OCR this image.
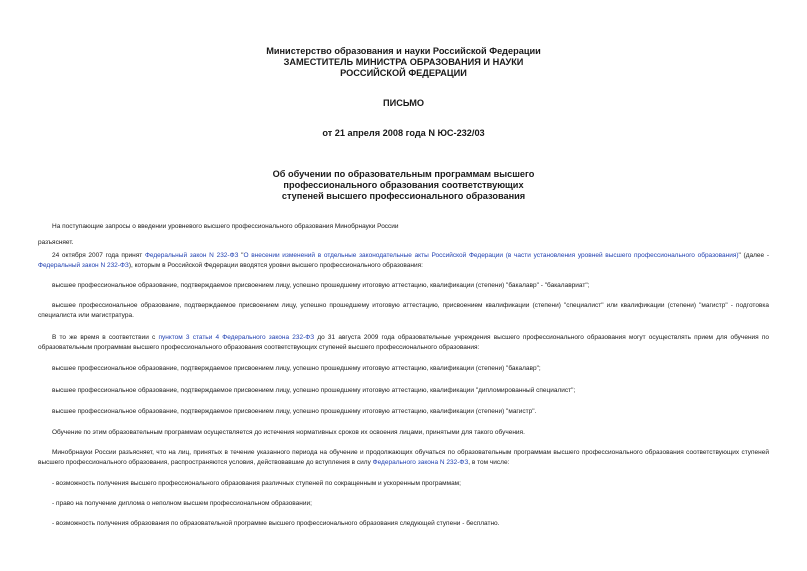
Министерство образования и науки Российской Федерации
ЗАМЕСТИТЕЛЬ МИНИСТРА ОБРАЗОВАНИЯ И НАУКИ
РОССИЙСКОЙ ФЕДЕРАЦИИ
ПИСЬМО
от 21 апреля 2008 года N ЮС-232/03
Об обучении по образовательным программам высшего
профессионального образования соответствующих
ступеней высшего профессионального образования

На поступающие запросы о введении уровневого высшего профессионального образования Минобрнауки России

разъясняет.

24 октября 2007 года принят Федеральный закон N 232-ФЗ "О внесении изменений в отдельные законодательные акты Российской Федерации (в части установления уровней высшего профессионального образования)" (далее - Федеральный закон N 232-ФЗ), которым в Российской Федерации вводятся уровни высшего профессионального образования:

высшее профессиональное образование, подтверждаемое присвоением лицу, успешно прошедшему итоговую аттестацию, квалификации (степени) "бакалавр" - "бакалавриат";

высшее профессиональное образование, подтверждаемое присвоением лицу, успешно прошедшему итоговую аттестацию, присвоением квалификации (степени) "специалист" или квалификации (степени) "магистр" - подготовка специалиста или магистратура.

В то же время в соответствии с пунктом 3 статьи 4 Федерального закона 232-ФЗ до 31 августа 2009 года образовательные учреждения высшего профессионального образования могут осуществлять прием для обучения по образовательным программам высшего профессионального образования соответствующих ступеней высшего профессионального образования:

высшее профессиональное образование, подтверждаемое присвоением лицу, успешно прошедшему итоговую аттестацию, квалификации (степени) "бакалавр";

высшее профессиональное образование, подтверждаемое присвоением лицу, успешно прошедшему итоговую аттестацию, квалификации "дипломированный специалист";

высшее профессиональное образование, подтверждаемое присвоением лицу, успешно прошедшему итоговую аттестацию, квалификации (степени) "магистр".

Обучение по этим образовательным программам осуществляется до истечения нормативных сроков их освоения лицами, принятыми для такого обучения.

Минобрнауки России разъясняет, что на лиц, принятых в течение указанного периода на обучение и продолжающих обучаться по образовательным программам высшего профессионального образования соответствующих ступеней высшего профессионального образования, распространяются условия, действовавшие до вступления в силу Федерального закона N 232-ФЗ, в том числе:

- возможность получения высшего профессионального образования различных ступеней по сокращенным и ускоренным программам;

- право на получение диплома о неполном высшем профессиональном образовании;

- возможность получения образования по образовательной программе высшего профессионального образования следующей ступени - бесплатно.
